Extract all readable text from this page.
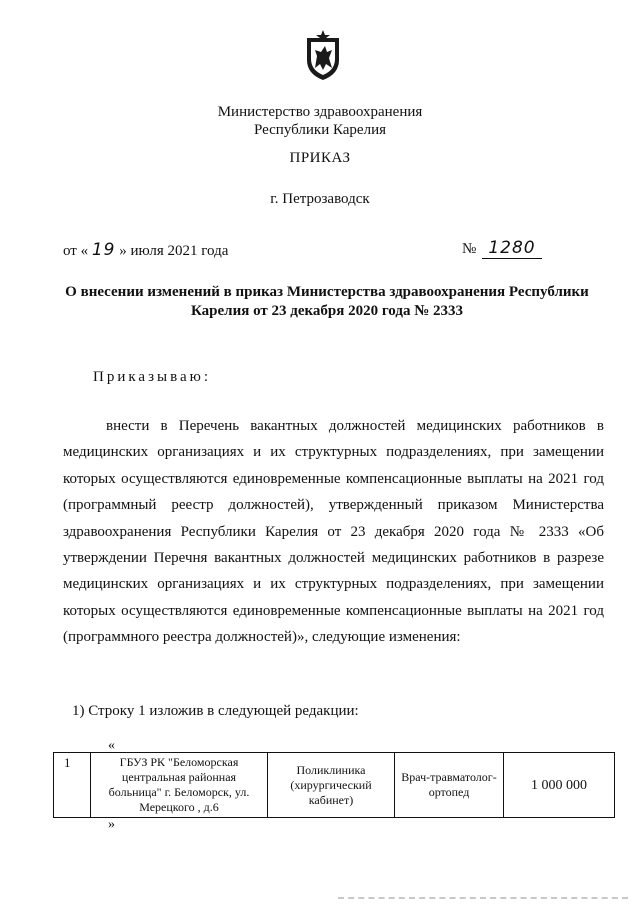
Министерство здравоохранения
Республики Карелия
ПРИКАЗ
г. Петрозаводск
от « 19 » июля 2021 года	№ 1280
О внесении изменений в приказ Министерства здравоохранения Республики Карелия от 23 декабря 2020 года № 2333
Приказываю:

внести в Перечень вакантных должностей медицинских работников в медицинских организациях и их структурных подразделениях, при замещении которых осуществляются единовременные компенсационные выплаты на 2021 год (программный реестр должностей), утвержденный приказом Министерства здравоохранения Республики Карелия от 23 декабря 2020 года № 2333 «Об утверждении Перечня вакантных должностей медицинских работников в разрезе медицинских организациях и их структурных подразделениях, при замещении которых осуществляются единовременные компенсационные выплаты на 2021 год (программного реестра должностей)», следующие изменения:

1) Строку 1 изложив в следующей редакции:
«
1	ГБУЗ РК "Беломорская центральная районная больница" г. Беломорск, ул. Мерецкого , д.6	Поликлиника (хирургический кабинет)	Врач-травматолог-ортопед	1 000 000
»
